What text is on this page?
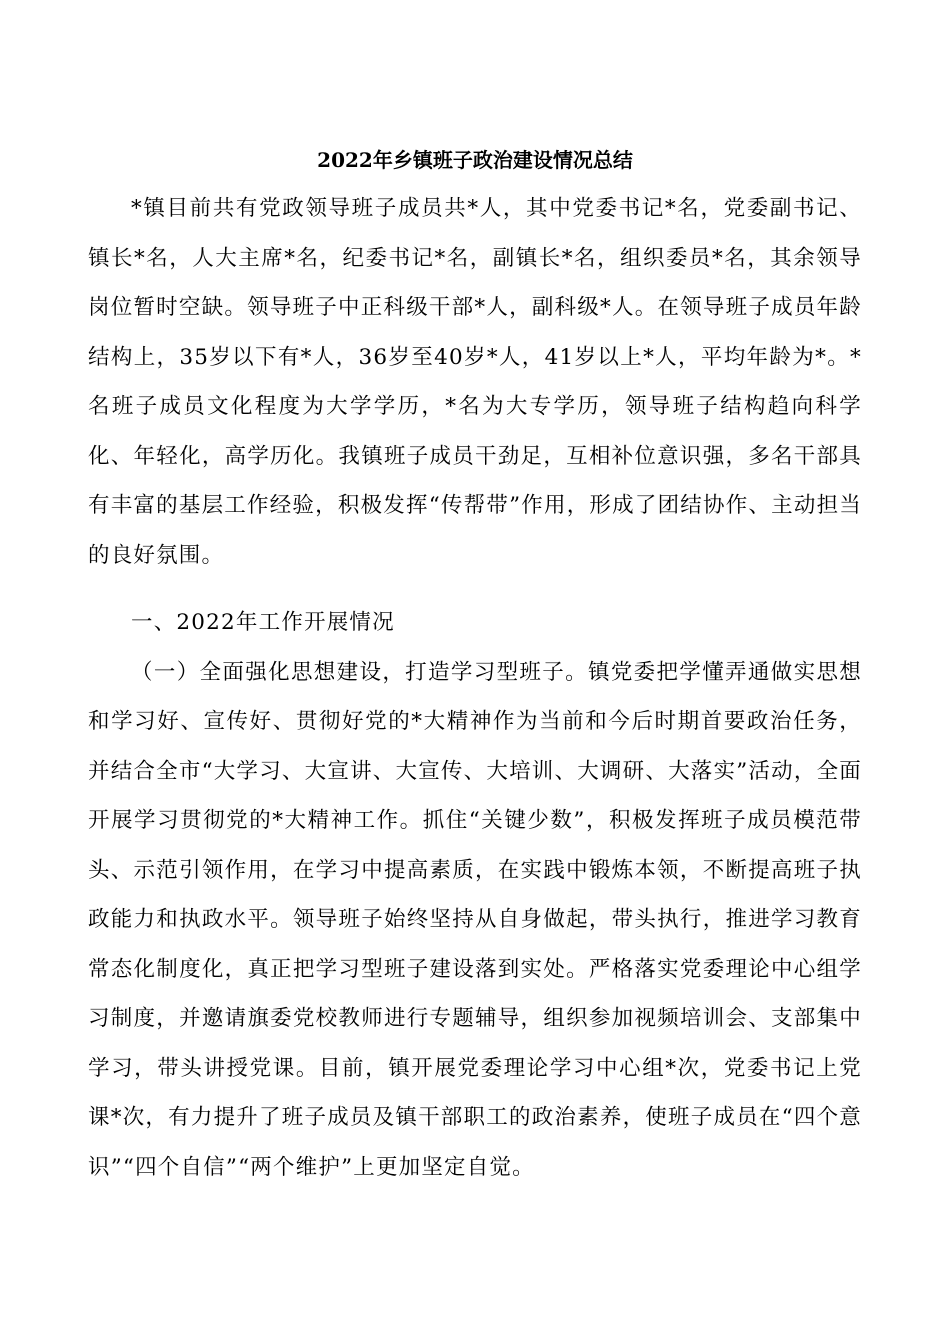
2022年乡镇班子政治建设情况总结

*镇目前共有党政领导班子成员共*人，其中党委书记*名，党委副书记、镇长*名，人大主席*名，纪委书记*名，副镇长*名，组织委员*名，其余领导岗位暂时空缺。领导班子中正科级干部*人，副科级*人。在领导班子成员年龄结构上，35岁以下有*人，36岁至40岁*人，41岁以上*人，平均年龄为*。*名班子成员文化程度为大学学历，*名为大专学历，领导班子结构趋向科学化、年轻化，高学历化。我镇班子成员干劲足，互相补位意识强，多名干部具有丰富的基层工作经验，积极发挥“传帮带”作用，形成了团结协作、主动担当的良好氛围。

一、2022年工作开展情况

（一）全面强化思想建设，打造学习型班子。镇党委把学懂弄通做实思想和学习好、宣传好、贯彻好党的*大精神作为当前和今后时期首要政治任务，并结合全市“大学习、大宣讲、大宣传、大培训、大调研、大落实”活动，全面开展学习贯彻党的*大精神工作。抓住“关键少数”，积极发挥班子成员模范带头、示范引领作用，在学习中提高素质，在实践中锻炼本领，不断提高班子执政能力和执政水平。领导班子始终坚持从自身做起，带头执行，推进学习教育常态化制度化，真正把学习型班子建设落到实处。严格落实党委理论中心组学习制度，并邀请旗委党校教师进行专题辅导，组织参加视频培训会、支部集中学习，带头讲授党课。目前，镇开展党委理论学习中心组*次，党委书记上党课*次，有力提升了班子成员及镇干部职工的政治素养，使班子成员在“四个意识”“四个自信”“两个维护”上更加坚定自觉。
